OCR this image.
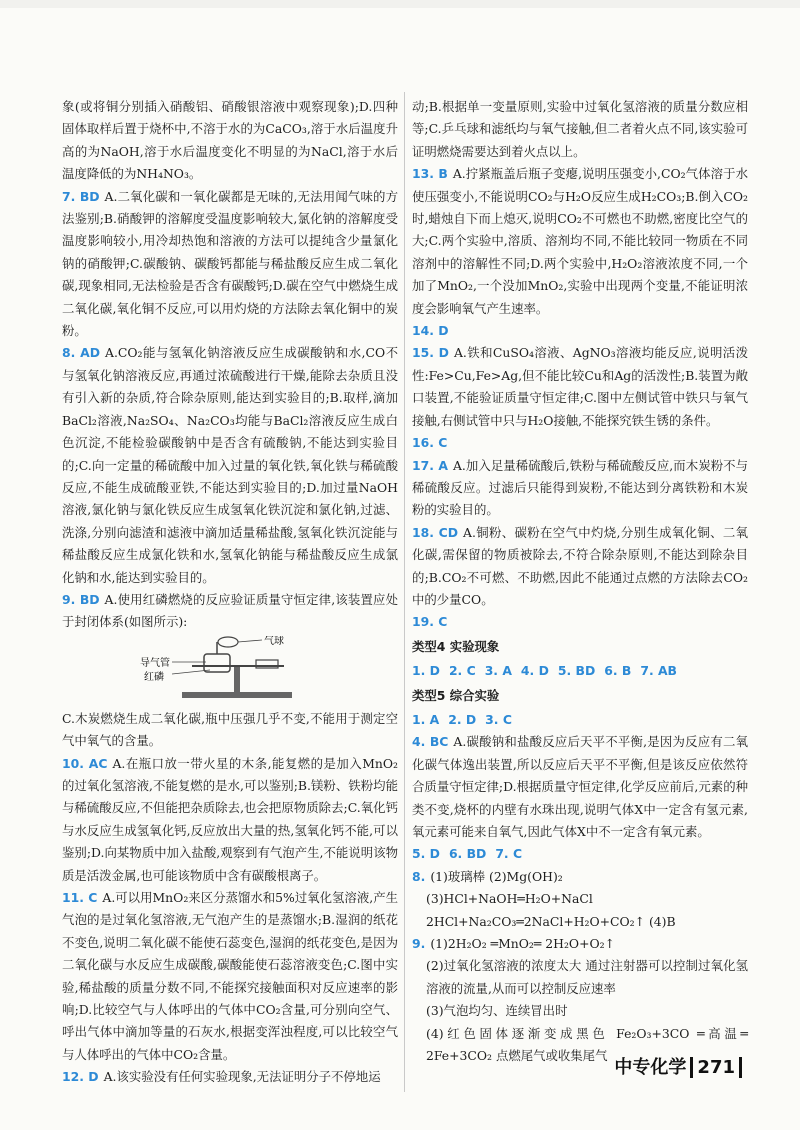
象(或将铜分别插入硝酸铝、硝酸银溶液中观察现象);D.四种固体取样后置于烧杯中,不溶于水的为CaCO₃,溶于水后温度升高的为NaOH,溶于水后温度变化不明显的为NaCl,溶于水后温度降低的为NH₄NO₃。
7. BD A.二氧化碳和一氧化碳都是无味的,无法用闻气味的方法鉴别;B.硝酸钾的溶解度受温度影响较大,氯化钠的溶解度受温度影响较小,用冷却热饱和溶液的方法可以提纯含少量氯化钠的硝酸钾;C.碳酸钠、碳酸钙都能与稀盐酸反应生成二氧化碳,现象相同,无法检验是否含有碳酸钙;D.碳在空气中燃烧生成二氧化碳,氧化铜不反应,可以用灼烧的方法除去氧化铜中的炭粉。
8. AD A.CO₂能与氢氧化钠溶液反应生成碳酸钠和水,CO不与氢氧化钠溶液反应,再通过浓硫酸进行干燥,能除去杂质且没有引入新的杂质,符合除杂原则,能达到实验目的;B.取样,滴加BaCl₂溶液,Na₂SO₄、Na₂CO₃均能与BaCl₂溶液反应生成白色沉淀,不能检验碳酸钠中是否含有硫酸钠,不能达到实验目的;C.向一定量的稀硫酸中加入过量的氧化铁,氧化铁与稀硫酸反应,不能生成硫酸亚铁,不能达到实验目的;D.加过量NaOH溶液,氯化钠与氯化铁反应生成氢氧化铁沉淀和氯化钠,过滤、洗涤,分别向滤渣和滤液中滴加适量稀盐酸,氢氧化铁沉淀能与稀盐酸反应生成氯化铁和水,氢氧化钠能与稀盐酸反应生成氯化钠和水,能达到实验目的。
9. BD A.使用红磷燃烧的反应验证质量守恒定律,该装置应处于封闭体系(如图所示):
气球
导气管
红磷
C.木炭燃烧生成二氧化碳,瓶中压强几乎不变,不能用于测定空气中氧气的含量。
10. AC A.在瓶口放一带火星的木条,能复燃的是加入MnO₂的过氧化氢溶液,不能复燃的是水,可以鉴别;B.镁粉、铁粉均能与稀硫酸反应,不但能把杂质除去,也会把原物质除去;C.氧化钙与水反应生成氢氧化钙,反应放出大量的热,氢氧化钙不能,可以鉴别;D.向某物质中加入盐酸,观察到有气泡产生,不能说明该物质是活泼金属,也可能该物质中含有碳酸根离子。
11. C A.可以用MnO₂来区分蒸馏水和5%过氧化氢溶液,产生气泡的是过氧化氢溶液,无气泡产生的是蒸馏水;B.湿润的纸花不变色,说明二氧化碳不能使石蕊变色,湿润的纸花变色,是因为二氧化碳与水反应生成碳酸,碳酸能使石蕊溶液变色;C.图中实验,稀盐酸的质量分数不同,不能探究接触面积对反应速率的影响;D.比较空气与人体呼出的气体中CO₂含量,可分别向空气、呼出气体中滴加等量的石灰水,根据变浑浊程度,可以比较空气与人体呼出的气体中CO₂含量。
12. D A.该实验没有任何实验现象,无法证明分子不停地运
动;B.根据单一变量原则,实验中过氧化氢溶液的质量分数应相等;C.乒乓球和滤纸均与氧气接触,但二者着火点不同,该实验可证明燃烧需要达到着火点以上。
13. B A.拧紧瓶盖后瓶子变瘪,说明压强变小,CO₂气体溶于水使压强变小,不能说明CO₂与H₂O反应生成H₂CO₃;B.倒入CO₂时,蜡烛自下而上熄灭,说明CO₂不可燃也不助燃,密度比空气的大;C.两个实验中,溶质、溶剂均不同,不能比较同一物质在不同溶剂中的溶解性不同;D.两个实验中,H₂O₂溶液浓度不同,一个加了MnO₂,一个没加MnO₂,实验中出现两个变量,不能证明浓度会影响氧气产生速率。
14. D
15. D A.铁和CuSO₄溶液、AgNO₃溶液均能反应,说明活泼性:Fe>Cu,Fe>Ag,但不能比较Cu和Ag的活泼性;B.装置为敞口装置,不能验证质量守恒定律;C.图中左侧试管中铁只与氧气接触,右侧试管中只与H₂O接触,不能探究铁生锈的条件。
16. C
17. A A.加入足量稀硫酸后,铁粉与稀硫酸反应,而木炭粉不与稀硫酸反应。过滤后只能得到炭粉,不能达到分离铁粉和木炭粉的实验目的。
18. CD A.铜粉、碳粉在空气中灼烧,分别生成氧化铜、二氧化碳,需保留的物质被除去,不符合除杂原则,不能达到除杂目的;B.CO₂不可燃、不助燃,因此不能通过点燃的方法除去CO₂中的少量CO。
19. C
类型4 实验现象
1. D 2. C 3. A 4. D 5. BD 6. B 7. AB
类型5 综合实验
1. A 2. D 3. C
4. BC A.碳酸钠和盐酸反应后天平不平衡,是因为反应有二氧化碳气体逸出装置,所以反应后天平不平衡,但是该反应依然符合质量守恒定律;D.根据质量守恒定律,化学反应前后,元素的种类不变,烧杯的内壁有水珠出现,说明气体X中一定含有氢元素,氧元素可能来自氧气,因此气体X中不一定含有氧元素。
5. D 6. BD 7. C
8. (1)玻璃棒 (2)Mg(OH)₂
(3)HCl+NaOH═H₂O+NaCl 2HCl+Na₂CO₃═2NaCl+H₂O+CO₂↑ (4)B
9. (1)2H₂O₂ ═MnO₂═ 2H₂O+O₂↑
(2)过氧化氢溶液的浓度太大 通过注射器可以控制过氧化氢溶液的流量,从而可以控制反应速率
(3)气泡均匀、连续冒出时
(4)红色固体逐渐变成黑色 Fe₂O₃+3CO ═高温═ 2Fe+3CO₂ 点燃尾气或收集尾气
中专化学 271
